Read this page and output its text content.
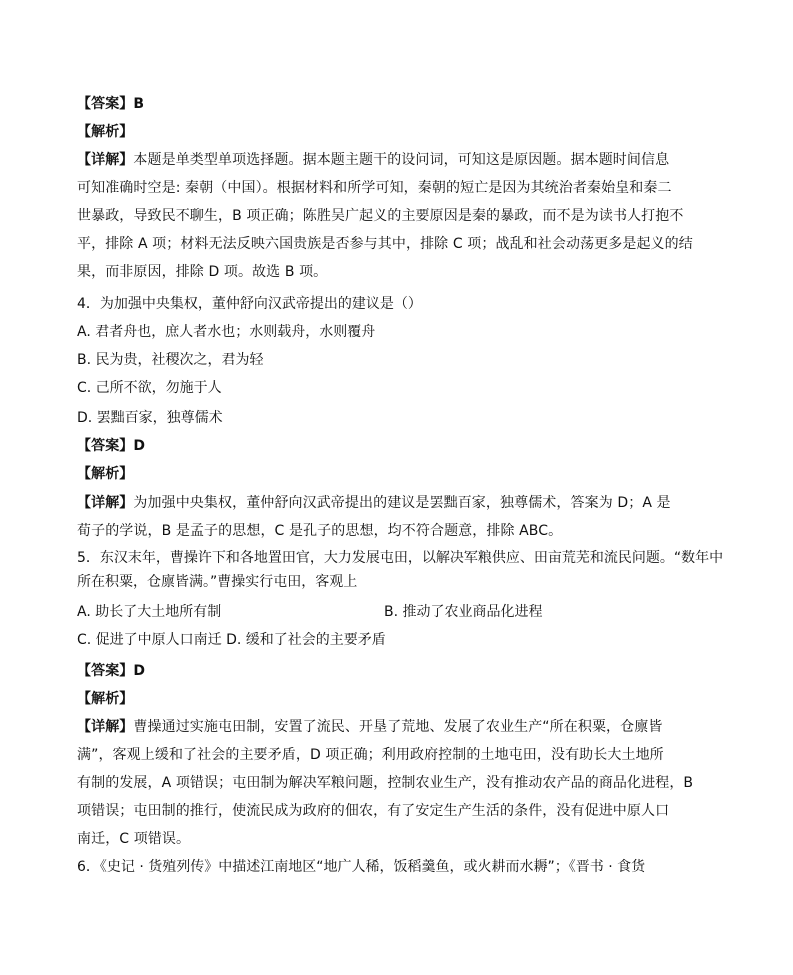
【答案】B
【解析】
【详解】本题是单类型单项选择题。据本题主题干的设问词，可知这是原因题。据本题时间信息
可知准确时空是: 秦朝（中国）。根据材料和所学可知，秦朝的短亡是因为其统治者秦始皇和秦二
世暴政，导致民不聊生，B 项正确；陈胜吴广起义的主要原因是秦的暴政，而不是为读书人打抱不
平，排除 A 项；材料无法反映六国贵族是否参与其中，排除 C 项；战乱和社会动荡更多是起义的结
果，而非原因，排除 D 项。故选 B 项。
4．为加强中央集权，董仲舒向汉武帝提出的建议是（）
A. 君者舟也，庶人者水也；水则载舟，水则覆舟
B. 民为贵，社稷次之，君为轻
C. 己所不欲，勿施于人
D. 罢黜百家，独尊儒术
【答案】D
【解析】
【详解】为加强中央集权，董仲舒向汉武帝提出的建议是罢黜百家，独尊儒术，答案为 D；A 是
荀子的学说，B 是孟子的思想，C 是孔子的思想，均不符合题意，排除 ABC。
5．东汉末年，曹操许下和各地置田官，大力发展屯田，以解决军粮供应、田亩荒芜和流民问题。“数年中
所在积粟，仓廪皆满。”曹操实行屯田，客观上
A. 助长了大土地所有制	B. 推动了农业商品化进程
C. 促进了中原人口南迁 D. 缓和了社会的主要矛盾
【答案】D
【解析】
【详解】曹操通过实施屯田制，安置了流民、开垦了荒地、发展了农业生产“所在积粟，仓廪皆
满”，客观上缓和了社会的主要矛盾，D 项正确；利用政府控制的土地屯田，没有助长大土地所
有制的发展，A 项错误；屯田制为解决军粮问题，控制农业生产，没有推动农产品的商品化进程，B
项错误；屯田制的推行，使流民成为政府的佃农，有了安定生产生活的条件，没有促进中原人口
南迁，C 项错误。
6．《史记 · 货殖列传》中描述江南地区“地广人稀，饭稻羹鱼，或火耕而水耨”；《晋书 · 食货
